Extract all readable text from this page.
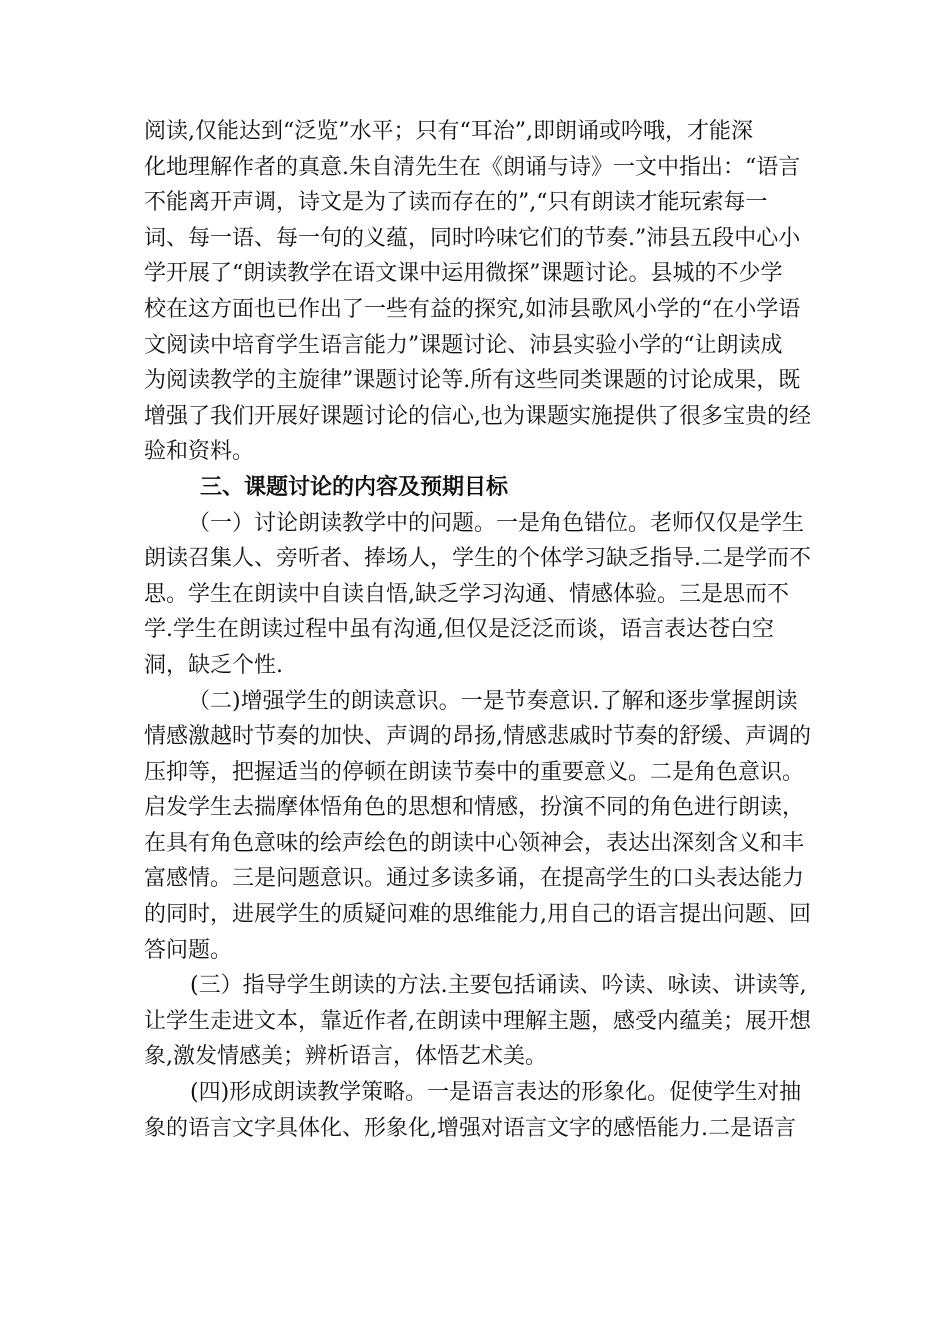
阅读,仅能达到“泛览”水平；只有“耳治”,即朗诵或吟哦，才能深
化地理解作者的真意.朱自清先生在《朗诵与诗》一文中指出：“语言
不能离开声调，诗文是为了读而存在的”,“只有朗读才能玩索每一
词、每一语、每一句的义蕴，同时吟味它们的节奏.”沛县五段中心小
学开展了“朗读教学在语文课中运用微探”课题讨论。县城的不少学
校在这方面也已作出了一些有益的探究,如沛县歌风小学的“在小学语
文阅读中培育学生语言能力”课题讨论、沛县实验小学的“让朗读成
为阅读教学的主旋律”课题讨论等.所有这些同类课题的讨论成果，既
增强了我们开展好课题讨论的信心,也为课题实施提供了很多宝贵的经
验和资料。
三、课题讨论的内容及预期目标
（一）讨论朗读教学中的问题。一是角色错位。老师仅仅是学生
朗读召集人、旁听者、捧场人，学生的个体学习缺乏指导.二是学而不
思。学生在朗读中自读自悟,缺乏学习沟通、情感体验。三是思而不
学.学生在朗读过程中虽有沟通,但仅是泛泛而谈，语言表达苍白空
洞，缺乏个性.
（二)增强学生的朗读意识。一是节奏意识.了解和逐步掌握朗读
情感激越时节奏的加快、声调的昂扬,情感悲戚时节奏的舒缓、声调的
压抑等，把握适当的停顿在朗读节奏中的重要意义。二是角色意识。
启发学生去揣摩体悟角色的思想和情感，扮演不同的角色进行朗读，
在具有角色意味的绘声绘色的朗读中心领神会，表达出深刻含义和丰
富感情。三是问题意识。通过多读多诵，在提高学生的口头表达能力
的同时，进展学生的质疑问难的思维能力,用自己的语言提出问题、回
答问题。
(三）指导学生朗读的方法.主要包括诵读、吟读、咏读、讲读等,
让学生走进文本，靠近作者,在朗读中理解主题，感受内蕴美；展开想
象,激发情感美；辨析语言，体悟艺术美。
(四)形成朗读教学策略。一是语言表达的形象化。促使学生对抽
象的语言文字具体化、形象化,增强对语言文字的感悟能力.二是语言
